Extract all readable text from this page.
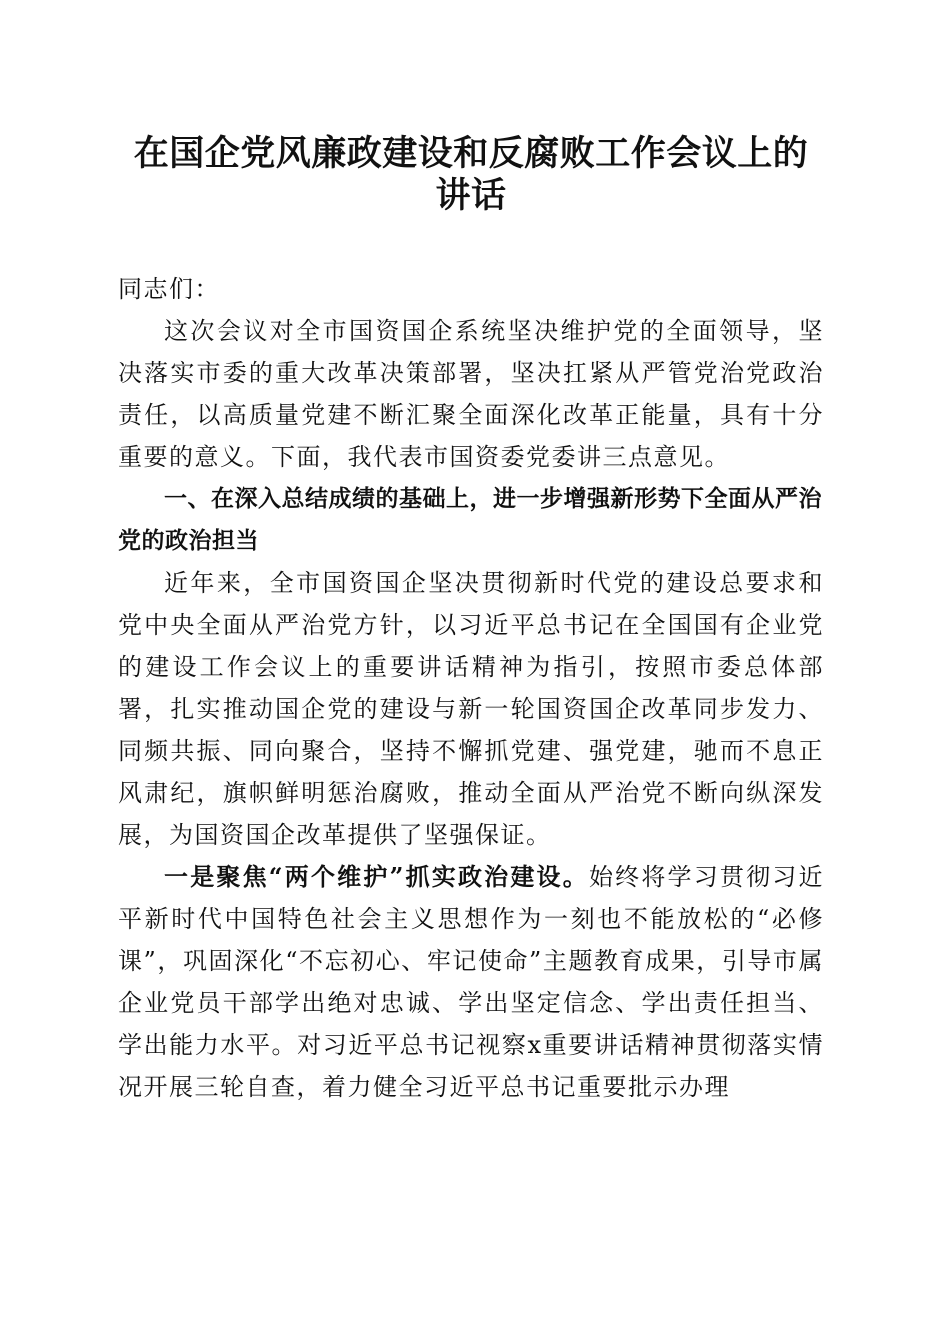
在国企党风廉政建设和反腐败工作会议上的讲话

同志们：

这次会议对全市国资国企系统坚决维护党的全面领导，坚决落实市委的重大改革决策部署，坚决扛紧从严管党治党政治责任，以高质量党建不断汇聚全面深化改革正能量，具有十分重要的意义。下面，我代表市国资委党委讲三点意见。

一、在深入总结成绩的基础上，进一步增强新形势下全面从严治党的政治担当

近年来，全市国资国企坚决贯彻新时代党的建设总要求和党中央全面从严治党方针，以习近平总书记在全国国有企业党的建设工作会议上的重要讲话精神为指引，按照市委总体部署，扎实推动国企党的建设与新一轮国资国企改革同步发力、同频共振、同向聚合，坚持不懈抓党建、强党建，驰而不息正风肃纪，旗帜鲜明惩治腐败，推动全面从严治党不断向纵深发展，为国资国企改革提供了坚强保证。

一是聚焦“两个维护”抓实政治建设。始终将学习贯彻习近平新时代中国特色社会主义思想作为一刻也不能放松的“必修课”，巩固深化“不忘初心、牢记使命”主题教育成果，引导市属企业党员干部学出绝对忠诚、学出坚定信念、学出责任担当、学出能力水平。对习近平总书记视察x重要讲话精神贯彻落实情况开展三轮自查，着力健全习近平总书记重要批示办理
